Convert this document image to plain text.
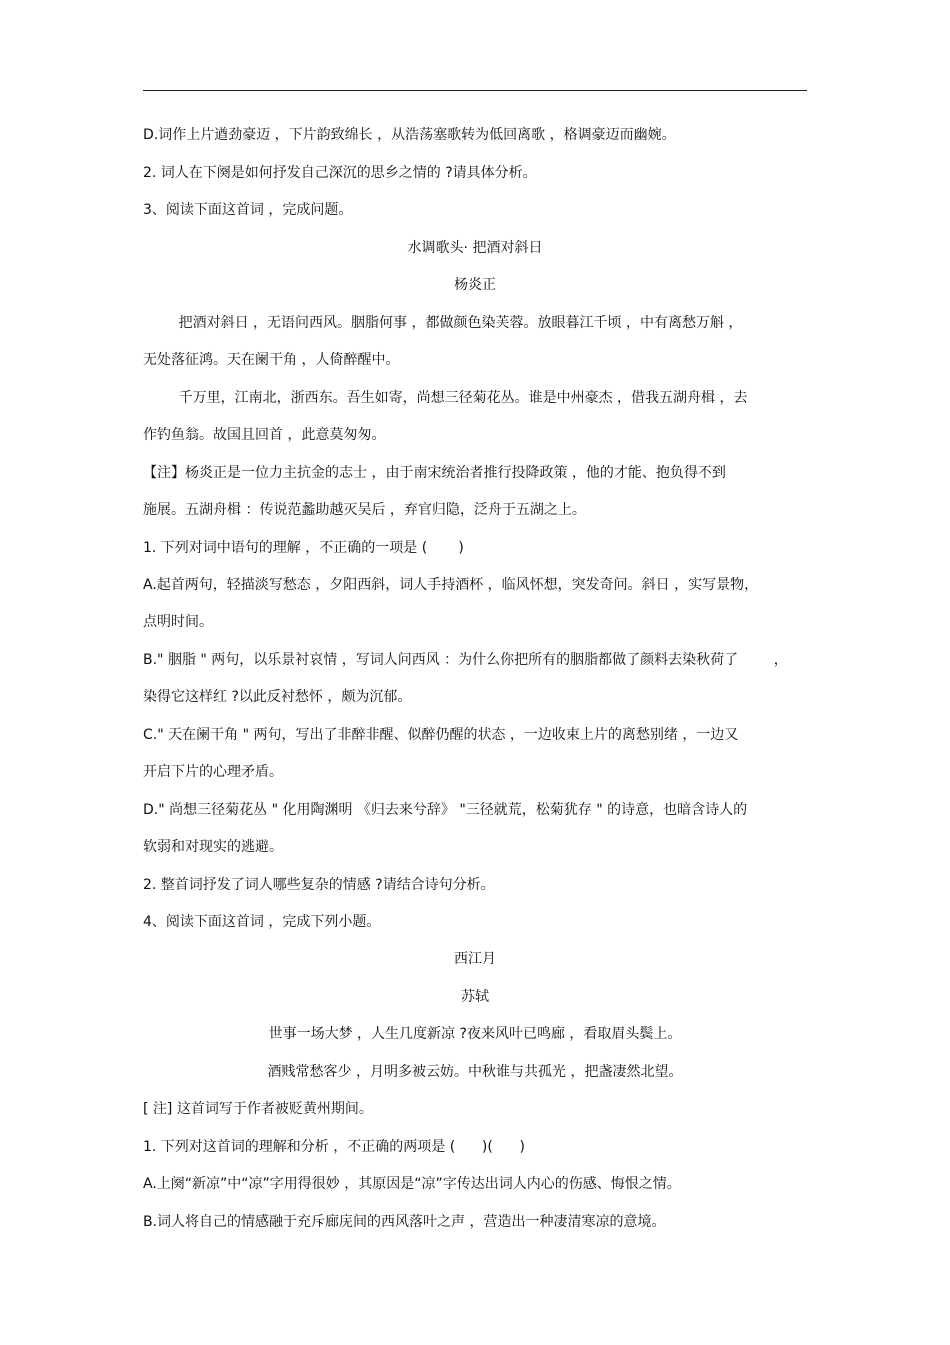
D.词作上片遒劲豪迈 ，下片韵致绵长 ，从浩荡塞歌转为低回离歌 ，格调豪迈而幽婉。

2. 词人在下阕是如何抒发自己深沉的思乡之情的 ?请具体分析。

3、阅读下面这首词 ，完成问题。

水调歌头· 把酒对斜日

杨炎正

把酒对斜日 ，无语问西风。胭脂何事 ，都做颜色染芙蓉。放眼暮江千顷 ，中有离愁万斛 ，

无处落征鸿。天在阑干角 ，人倚醉醒中。

千万里，江南北，浙西东。吾生如寄，尚想三径菊花丛。谁是中州豪杰 ，借我五湖舟楫 ，去

作钓鱼翁。故国且回首 ，此意莫匆匆。

【注】杨炎正是一位力主抗金的志士 ，由于南宋统治者推行投降政策 ，他的才能、抱负得不到

施展。五湖舟楫 ：传说范蠡助越灭吴后 ，弃官归隐，泛舟于五湖之上。

1. 下列对词中语句的理解 ，不正确的一项是 (       )

A.起首两句，轻描淡写愁态 ，夕阳西斜，词人手持酒杯 ，临风怀想，突发奇问。斜日 ，实写景物，

点明时间。

B." 胭脂 " 两句，以乐景衬哀情 ，写词人问西风 ：为什么你把所有的胭脂都做了颜料去染秋荷了        ，

染得它这样红 ?以此反衬愁怀 ，颇为沉郁。

C." 天在阑干角 " 两句，写出了非醉非醒、似醉仍醒的状态 ，一边收束上片的离愁别绪 ，一边又

开启下片的心理矛盾。

D." 尚想三径菊花丛 " 化用陶渊明 《归去来兮辞》 "三径就荒，松菊犹存 " 的诗意，也暗含诗人的

软弱和对现实的逃避。

2. 整首词抒发了词人哪些复杂的情感 ?请结合诗句分析。

4、阅读下面这首词 ，完成下列小题。

西江月

苏轼

世事一场大梦 ，人生几度新凉 ?夜来风叶已鸣廊 ，看取眉头鬓上。

酒贱常愁客少 ，月明多被云妨。中秋谁与共孤光 ，把盏凄然北望。

[ 注] 这首词写于作者被贬黄州期间。

1. 下列对这首词的理解和分析 ，不正确的两项是 (      )(      )

A.上阕“新凉”中“凉”字用得很妙 ，其原因是“凉”字传达出词人内心的伤感、悔恨之情。

B.词人将自己的情感融于充斥廊庑间的西风落叶之声 ，营造出一种凄清寒凉的意境。
